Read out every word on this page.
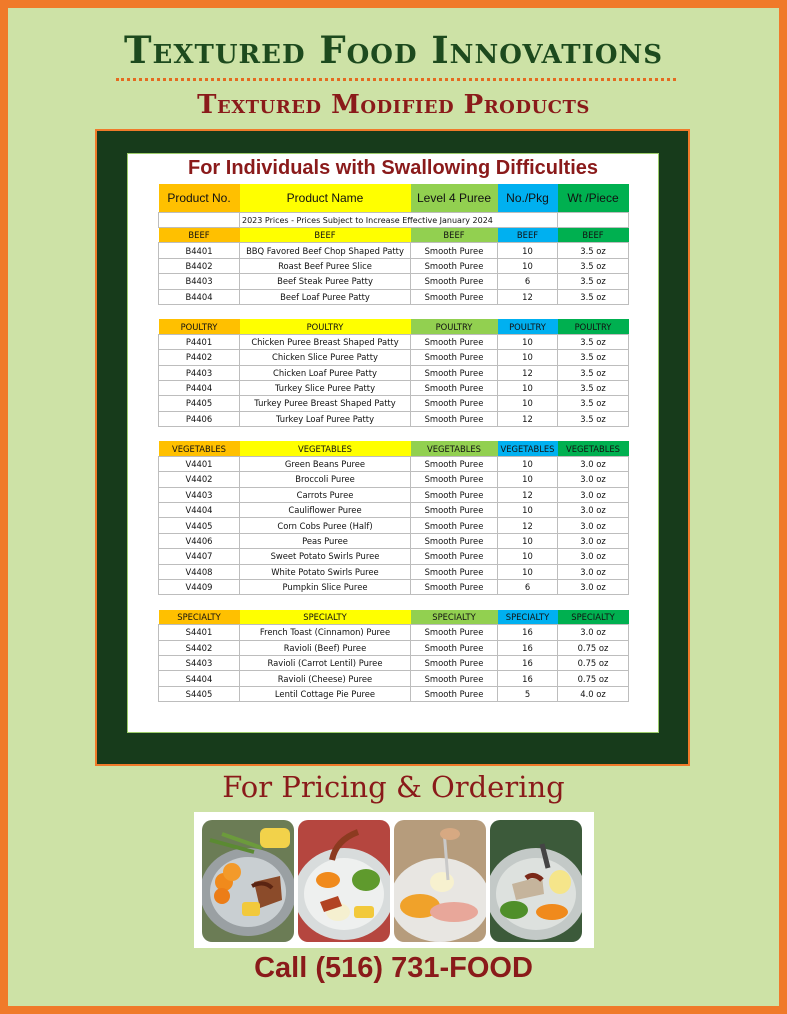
Textured Food Innovations
Textured Modified Products
For Individuals with Swallowing Difficulties
Product No.	Product Name	Level 4 Puree	No./Pkg	Wt /Piece
	2023 Prices - Prices Subject to Increase Effective January 2024			
BEEF	BEEF	BEEF	BEEF	BEEF
B4401	BBQ Favored Beef Chop Shaped Patty	Smooth Puree	10	3.5 oz
B4402	Roast Beef Puree Slice	Smooth Puree	10	3.5 oz
B4403	Beef Steak Puree Patty	Smooth Puree	6	3.5 oz
B4404	Beef Loaf Puree Patty	Smooth Puree	12	3.5 oz

POULTRY	POULTRY	POULTRY	POULTRY	POULTRY
P4401	Chicken Puree Breast Shaped Patty	Smooth Puree	10	3.5 oz
P4402	Chicken Slice Puree Patty	Smooth Puree	10	3.5 oz
P4403	Chicken Loaf Puree Patty	Smooth Puree	12	3.5 oz
P4404	Turkey Slice Puree Patty	Smooth Puree	10	3.5 oz
P4405	Turkey Puree Breast Shaped Patty	Smooth Puree	10	3.5 oz
P4406	Turkey Loaf Puree Patty	Smooth Puree	12	3.5 oz

VEGETABLES	VEGETABLES	VEGETABLES	VEGETABLES	VEGETABLES
V4401	Green Beans Puree	Smooth Puree	10	3.0 oz
V4402	Broccoli Puree	Smooth Puree	10	3.0 oz
V4403	Carrots Puree	Smooth Puree	12	3.0 oz
V4404	Cauliflower Puree	Smooth Puree	10	3.0 oz
V4405	Corn Cobs Puree (Half)	Smooth Puree	12	3.0 oz
V4406	Peas Puree	Smooth Puree	10	3.0 oz
V4407	Sweet Potato Swirls Puree	Smooth Puree	10	3.0 oz
V4408	White Potato Swirls Puree	Smooth Puree	10	3.0 oz
V4409	Pumpkin Slice Puree	Smooth Puree	6	3.0 oz

SPECIALTY	SPECIALTY	SPECIALTY	SPECIALTY	SPECIALTY
S4401	French Toast (Cinnamon) Puree	Smooth Puree	16	3.0 oz
S4402	Ravioli (Beef) Puree	Smooth Puree	16	0.75 oz
S4403	Ravioli (Carrot Lentil) Puree	Smooth Puree	16	0.75 oz
S4404	Ravioli (Cheese) Puree	Smooth Puree	16	0.75 oz
S4405	Lentil Cottage Pie Puree	Smooth Puree	5	4.0 oz
For Pricing & Ordering
Call (516) 731-FOOD
